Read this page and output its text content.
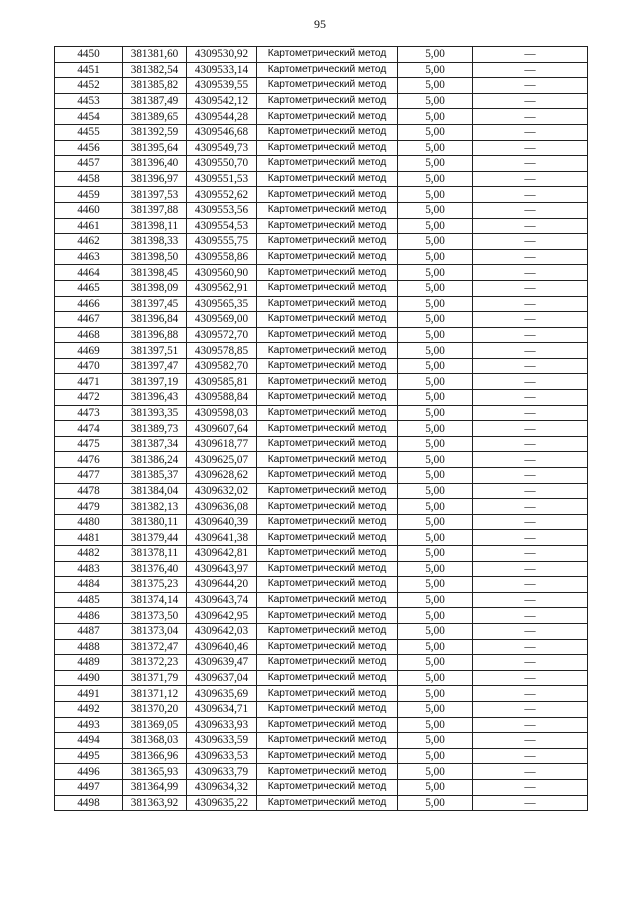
95
4450	381381,60	4309530,92	Картометрический метод	5,00	—
4451	381382,54	4309533,14	Картометрический метод	5,00	—
4452	381385,82	4309539,55	Картометрический метод	5,00	—
4453	381387,49	4309542,12	Картометрический метод	5,00	—
4454	381389,65	4309544,28	Картометрический метод	5,00	—
4455	381392,59	4309546,68	Картометрический метод	5,00	—
4456	381395,64	4309549,73	Картометрический метод	5,00	—
4457	381396,40	4309550,70	Картометрический метод	5,00	—
4458	381396,97	4309551,53	Картометрический метод	5,00	—
4459	381397,53	4309552,62	Картометрический метод	5,00	—
4460	381397,88	4309553,56	Картометрический метод	5,00	—
4461	381398,11	4309554,53	Картометрический метод	5,00	—
4462	381398,33	4309555,75	Картометрический метод	5,00	—
4463	381398,50	4309558,86	Картометрический метод	5,00	—
4464	381398,45	4309560,90	Картометрический метод	5,00	—
4465	381398,09	4309562,91	Картометрический метод	5,00	—
4466	381397,45	4309565,35	Картометрический метод	5,00	—
4467	381396,84	4309569,00	Картометрический метод	5,00	—
4468	381396,88	4309572,70	Картометрический метод	5,00	—
4469	381397,51	4309578,85	Картометрический метод	5,00	—
4470	381397,47	4309582,70	Картометрический метод	5,00	—
4471	381397,19	4309585,81	Картометрический метод	5,00	—
4472	381396,43	4309588,84	Картометрический метод	5,00	—
4473	381393,35	4309598,03	Картометрический метод	5,00	—
4474	381389,73	4309607,64	Картометрический метод	5,00	—
4475	381387,34	4309618,77	Картометрический метод	5,00	—
4476	381386,24	4309625,07	Картометрический метод	5,00	—
4477	381385,37	4309628,62	Картометрический метод	5,00	—
4478	381384,04	4309632,02	Картометрический метод	5,00	—
4479	381382,13	4309636,08	Картометрический метод	5,00	—
4480	381380,11	4309640,39	Картометрический метод	5,00	—
4481	381379,44	4309641,38	Картометрический метод	5,00	—
4482	381378,11	4309642,81	Картометрический метод	5,00	—
4483	381376,40	4309643,97	Картометрический метод	5,00	—
4484	381375,23	4309644,20	Картометрический метод	5,00	—
4485	381374,14	4309643,74	Картометрический метод	5,00	—
4486	381373,50	4309642,95	Картометрический метод	5,00	—
4487	381373,04	4309642,03	Картометрический метод	5,00	—
4488	381372,47	4309640,46	Картометрический метод	5,00	—
4489	381372,23	4309639,47	Картометрический метод	5,00	—
4490	381371,79	4309637,04	Картометрический метод	5,00	—
4491	381371,12	4309635,69	Картометрический метод	5,00	—
4492	381370,20	4309634,71	Картометрический метод	5,00	—
4493	381369,05	4309633,93	Картометрический метод	5,00	—
4494	381368,03	4309633,59	Картометрический метод	5,00	—
4495	381366,96	4309633,53	Картометрический метод	5,00	—
4496	381365,93	4309633,79	Картометрический метод	5,00	—
4497	381364,99	4309634,32	Картометрический метод	5,00	—
4498	381363,92	4309635,22	Картометрический метод	5,00	—
